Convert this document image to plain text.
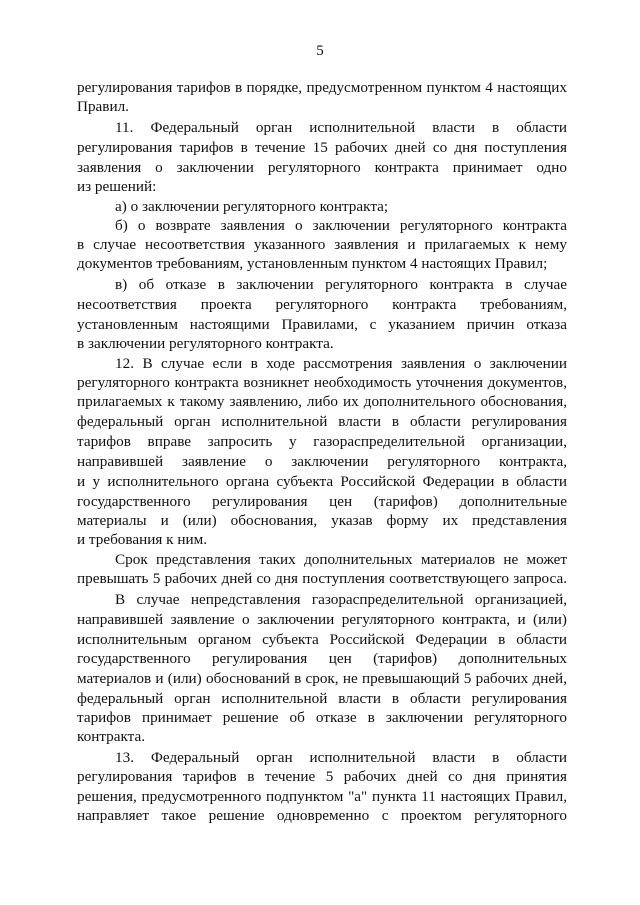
5
регулирования тарифов в порядке, предусмотренном пунктом 4 настоящих
Правил.
11. Федеральный орган исполнительной власти в области
регулирования тарифов в течение 15 рабочих дней со дня поступления
заявления о заключении регуляторного контракта принимает одно
из решений:
а) о заключении регуляторного контракта;
б) о возврате заявления о заключении регуляторного контракта
в случае несоответствия указанного заявления и прилагаемых к нему
документов требованиям, установленным пунктом 4 настоящих Правил;
в) об отказе в заключении регуляторного контракта в случае
несоответствия проекта регуляторного контракта требованиям,
установленным настоящими Правилами, с указанием причин отказа
в заключении регуляторного контракта.
12. В случае если в ходе рассмотрения заявления о заключении
регуляторного контракта возникнет необходимость уточнения документов,
прилагаемых к такому заявлению, либо их дополнительного обоснования,
федеральный орган исполнительной власти в области регулирования
тарифов вправе запросить у газораспределительной организации,
направившей заявление о заключении регуляторного контракта,
и у исполнительного органа субъекта Российской Федерации в области
государственного регулирования цен (тарифов) дополнительные
материалы и (или) обоснования, указав форму их представления
и требования к ним.
Срок представления таких дополнительных материалов не может
превышать 5 рабочих дней со дня поступления соответствующего запроса.
В случае непредставления газораспределительной организацией,
направившей заявление о заключении регуляторного контракта, и (или)
исполнительным органом субъекта Российской Федерации в области
государственного регулирования цен (тарифов) дополнительных
материалов и (или) обоснований в срок, не превышающий 5 рабочих дней,
федеральный орган исполнительной власти в области регулирования
тарифов принимает решение об отказе в заключении регуляторного
контракта.
13. Федеральный орган исполнительной власти в области
регулирования тарифов в течение 5 рабочих дней со дня принятия
решения, предусмотренного подпунктом "а" пункта 11 настоящих Правил,
направляет такое решение одновременно с проектом регуляторного
